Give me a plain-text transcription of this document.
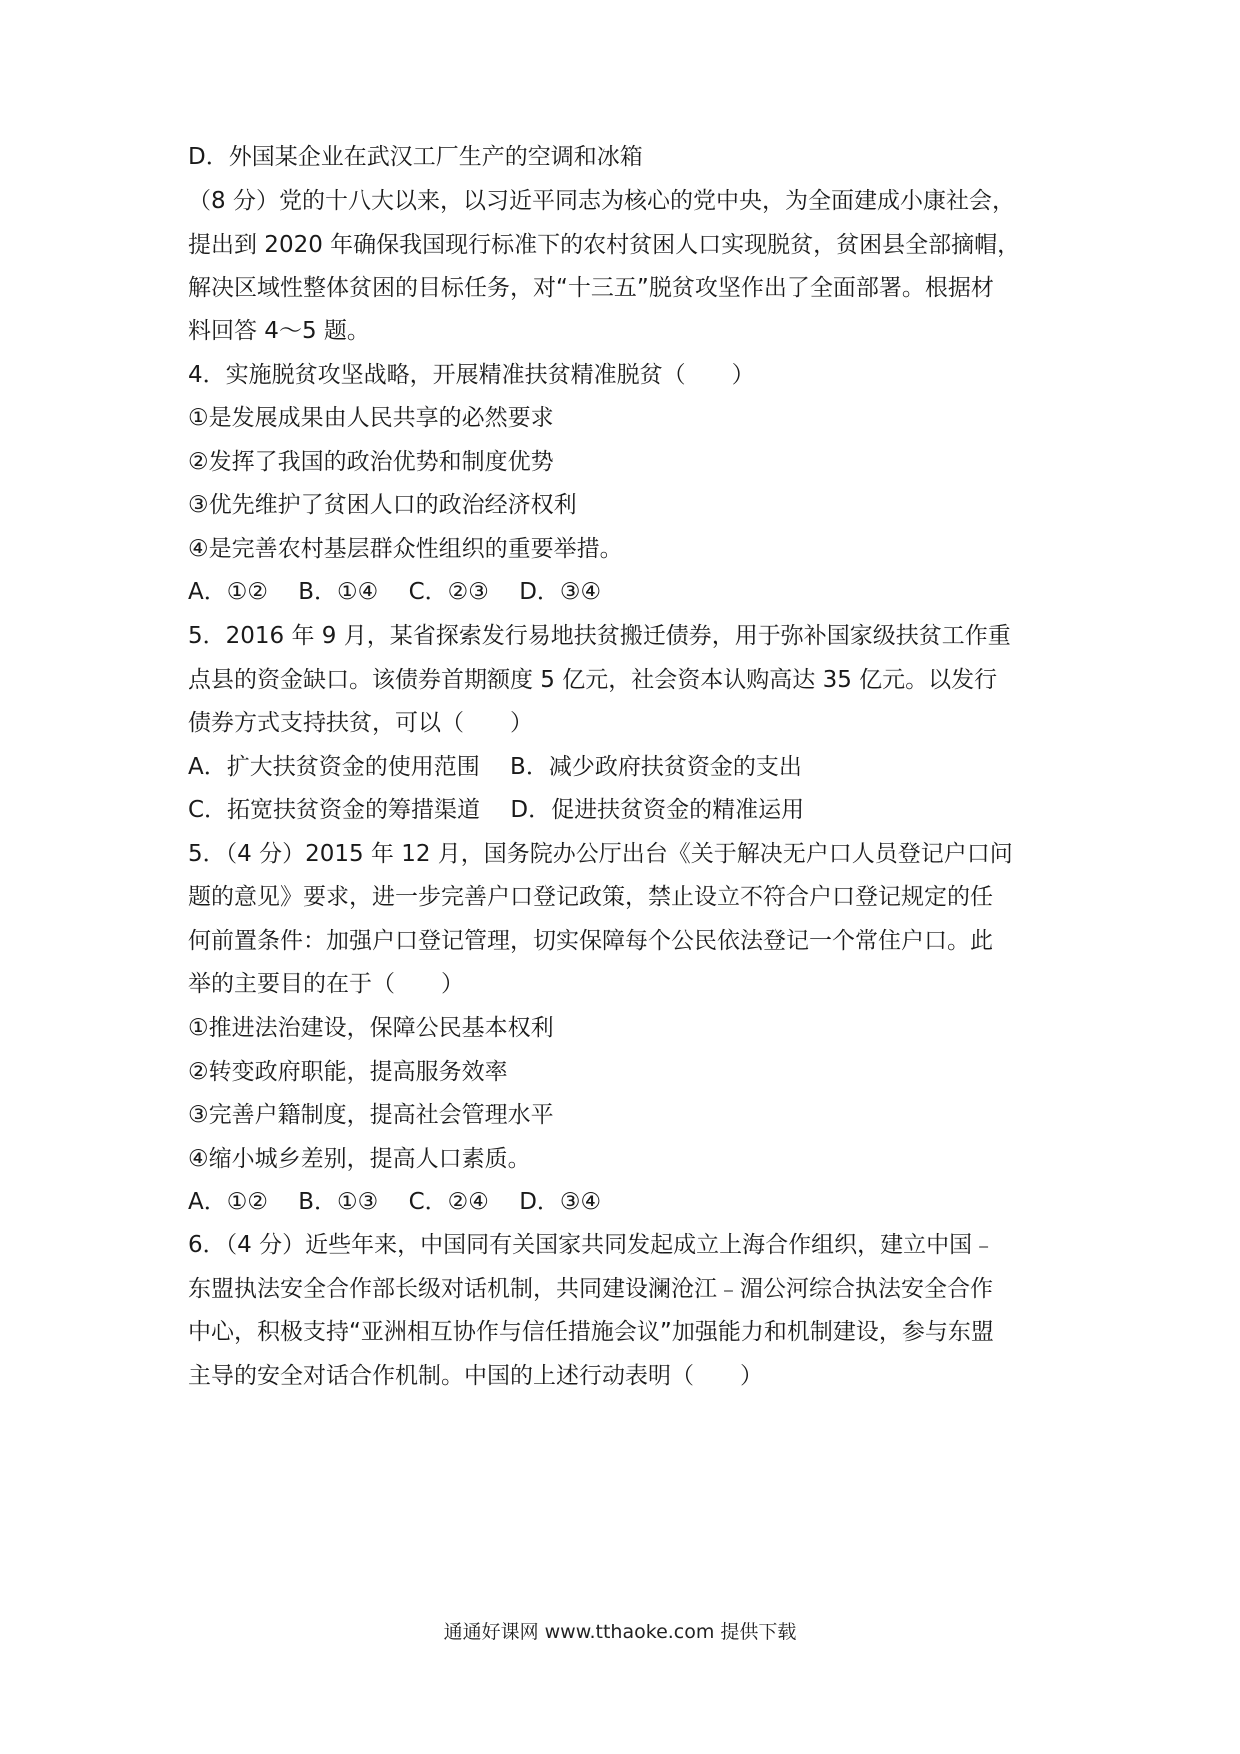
D．外国某企业在武汉工厂生产的空调和冰箱
（8 分）党的十八大以来，以习近平同志为核心的党中央，为全面建成小康社会，
提出到 2020 年确保我国现行标准下的农村贫困人口实现脱贫，贫困县全部摘帽，
解决区域性整体贫困的目标任务，对“十三五”脱贫攻坚作出了全面部署。根据材
料回答 4～5 题。
4．实施脱贫攻坚战略，开展精准扶贫精准脱贫（　　）
①是发展成果由人民共享的必然要求
②发挥了我国的政治优势和制度优势
③优先维护了贫困人口的政治经济权利
④是完善农村基层群众性组织的重要举措。
A．①②　 B．①④　 C．②③　 D．③④
5．2016 年 9 月，某省探索发行易地扶贫搬迁债券，用于弥补国家级扶贫工作重
点县的资金缺口。该债券首期额度 5 亿元，社会资本认购高达 35 亿元。以发行
债券方式支持扶贫，可以（　　）
A．扩大扶贫资金的使用范围　 B．减少政府扶贫资金的支出
C．拓宽扶贫资金的筹措渠道　 D．促进扶贫资金的精准运用
5．（4 分）2015 年 12 月，国务院办公厅出台《关于解决无户口人员登记户口问
题的意见》要求，进一步完善户口登记政策，禁止设立不符合户口登记规定的任
何前置条件：加强户口登记管理，切实保障每个公民依法登记一个常住户口。此
举的主要目的在于（　　）
①推进法治建设，保障公民基本权利
②转变政府职能，提高服务效率
③完善户籍制度，提高社会管理水平
④缩小城乡差别，提高人口素质。
A．①②　 B．①③　 C．②④　 D．③④
6．（4 分）近些年来，中国同有关国家共同发起成立上海合作组织，建立中国﹣
东盟执法安全合作部长级对话机制，共同建设澜沧江﹣湄公河综合执法安全合作
中心，积极支持“亚洲相互协作与信任措施会议”加强能力和机制建设，参与东盟
主导的安全对话合作机制。中国的上述行动表明（　　）
通通好课网 www.tthaoke.com 提供下载
